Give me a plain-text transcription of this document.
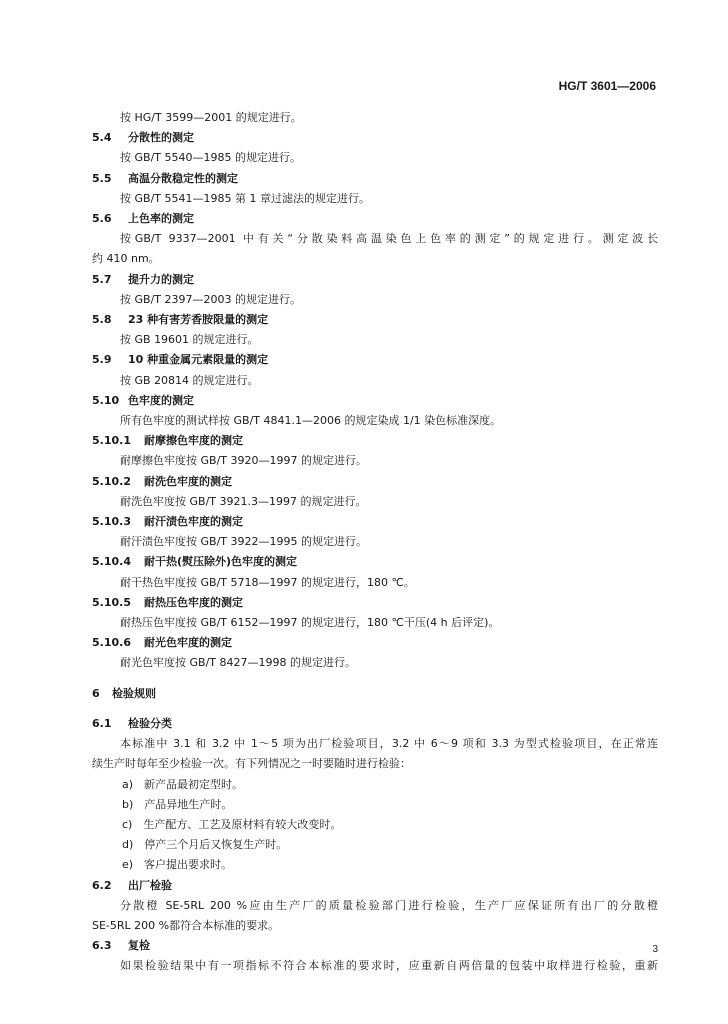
HG/T 3601—2006
按 HG/T 3599—2001 的规定进行。
5.4 分散性的测定
按 GB/T 5540—1985 的规定进行。
5.5 高温分散稳定性的测定
按 GB/T 5541—1985 第 1 章过滤法的规定进行。
5.6 上色率的测定
按GB/T 9337—2001 中有关“分散染料高温染色上色率的测定”的规定进行。测定波长
约 410 nm。
5.7 提升力的测定
按 GB/T 2397—2003 的规定进行。
5.8 23 种有害芳香胺限量的测定
按 GB 19601 的规定进行。
5.9 10 种重金属元素限量的测定
按 GB 20814 的规定进行。
5.10 色牢度的测定
所有色牢度的测试样按 GB/T 4841.1—2006 的规定染成 1/1 染色标准深度。
5.10.1 耐摩擦色牢度的测定
耐摩擦色牢度按 GB/T 3920—1997 的规定进行。
5.10.2 耐洗色牢度的测定
耐洗色牢度按 GB/T 3921.3—1997 的规定进行。
5.10.3 耐汗渍色牢度的测定
耐汗渍色牢度按 GB/T 3922—1995 的规定进行。
5.10.4 耐干热(熨压除外)色牢度的测定
耐干热色牢度按 GB/T 5718—1997 的规定进行，180 ℃。
5.10.5 耐热压色牢度的测定
耐热压色牢度按 GB/T 6152—1997 的规定进行，180 ℃干压(4 h 后评定)。
5.10.6 耐光色牢度的测定
耐光色牢度按 GB/T 8427—1998 的规定进行。
6 检验规则
6.1 检验分类
本标准中 3.1 和 3.2 中 1～5 项为出厂检验项目，3.2 中 6～9 项和 3.3 为型式检验项目，在正常连
续生产时每年至少检验一次。有下列情况之一时要随时进行检验：
a)　新产品最初定型时。
b)　产品异地生产时。
c)　生产配方、工艺及原材料有较大改变时。
d)　停产三个月后又恢复生产时。
e)　客户提出要求时。
6.2 出厂检验
分散橙 SE-5RL 200 %应由生产厂的质量检验部门进行检验，生产厂应保证所有出厂的分散橙
SE-5RL 200 %都符合本标准的要求。
6.3 复检
如果检验结果中有一项指标不符合本标准的要求时，应重新自两倍量的包装中取样进行检验，重新
3
